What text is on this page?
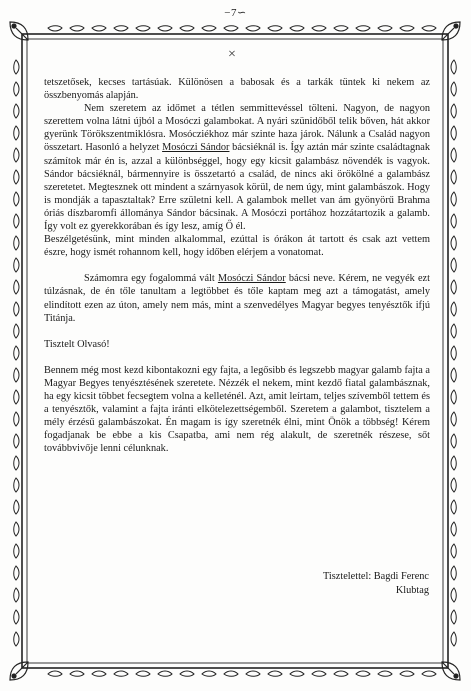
−7∽
×

tetszetősek, kecses tartásúak. Különösen a babosak és a tarkák tüntek ki nekem az összbenyomás alapján.

Nem szeretem az időmet a tétlen semmittevéssel tölteni. Nagyon, de nagyon szerettem volna látni újból a Mosóczi galambokat. A nyári szünidőből telik bőven, hát akkor gyerünk Törökszentmiklósra. Mosócziékhoz már szinte haza járok. Nálunk a Család nagyon összetart. Hasonló a helyzet Mosóczi Sándor bácsiéknál is. Így aztán már szinte családtagnak számítok már én is, azzal a különbséggel, hogy egy kicsit galambász növendék is vagyok. Sándor bácsiéknál, bármennyire is összetartó a család, de nincs aki örökölné a galambász szeretetet. Megtesznek ott mindent a szárnyasok körül, de nem úgy, mint galambászok. Hogy is mondják a tapasztaltak? Erre születni kell. A galambok mellet van ám gyönyörű Brahma óriás díszbaromfi állománya Sándor bácsinak. A Mosóczi portához hozzátartozik a galamb. Így volt ez gyerekkorában és így lesz, amíg Ő él.

Beszélgetésünk, mint minden alkalommal, ezúttal is órákon át tartott és csak azt vettem észre, hogy ismét rohannom kell, hogy időben elérjem a vonatomat.

Számomra egy fogalommá vált Mosóczi Sándor bácsi neve. Kérem, ne vegyék ezt túlzásnak, de én tőle tanultam a legtöbbet és tőle kaptam meg azt a támogatást, amely elindított ezen az úton, amely nem más, mint a szenvedélyes Magyar begyes tenyésztők ifjú Titánja.

Tisztelt Olvasó!

Bennem még most kezd kibontakozni egy fajta, a legősibb és legszebb magyar galamb fajta a Magyar Begyes tenyésztésének szeretete. Nézzék el nekem, mint kezdő fiatal galambásznak, ha egy kicsit többet fecsegtem volna a kelleténél. Azt, amit leírtam, teljes szívemből tettem és a tenyésztők, valamint a fajta iránti elkötelezettségemből. Szeretem a galambot, tisztelem a mély érzésű galambászokat. Én magam is így szeretnék élni, mint Önök a többség! Kérem fogadjanak be ebbe a kis Csapatba, ami nem rég alakult, de szeretnék részese, sőt továbbvivője lenni célunknak.

Tisztelettel: Bagdi Ferenc
Klubtag
